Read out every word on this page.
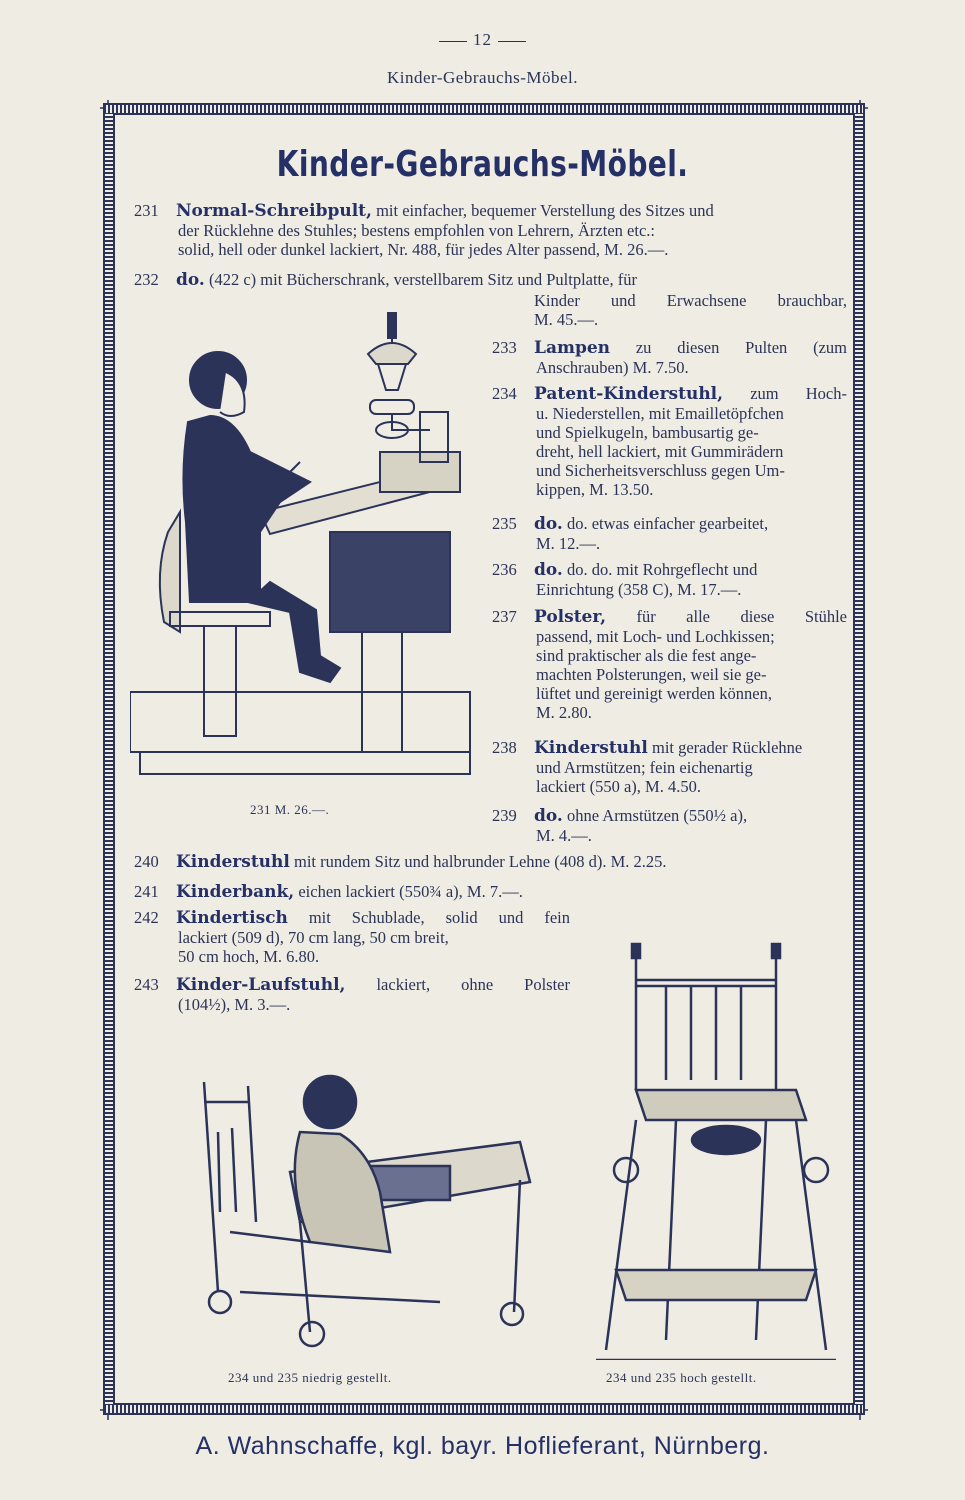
12
Kinder-Gebrauchs-Möbel.
Kinder-Gebrauchs-Möbel.
231 Normal-Schreibpult, mit einfacher, bequemer Verstellung des Sitzes und
der Rücklehne des Stuhles; bestens empfohlen von Lehrern, Ärzten etc.:
solid, hell oder dunkel lackiert, Nr. 488, für jedes Alter passend, M. 26.—.
232 do. (422 c) mit Bücherschrank, verstellbarem Sitz und Pultplatte, für
Kinder und Erwachsene brauchbar,
M. 45.—.
233 Lampen zu diesen Pulten (zum
Anschrauben) M. 7.50.
234 Patent-Kinderstuhl, zum Hoch-
u. Niederstellen, mit Emailletöpfchen
und Spielkugeln, bambusartig ge-
dreht, hell lackiert, mit Gummirädern
und Sicherheitsverschluss gegen Um-
kippen, M. 13.50.
235 do. do. etwas einfacher gearbeitet,
M. 12.—.
236 do. do. do. mit Rohrgeflecht und
Einrichtung (358 C), M. 17.—.
237 Polster, für alle diese Stühle
passend, mit Loch- und Lochkissen;
sind praktischer als die fest ange-
machten Polsterungen, weil sie ge-
lüftet und gereinigt werden können,
M. 2.80.
238 Kinderstuhl mit gerader Rücklehne
und Armstützen; fein eichenartig
lackiert (550 a), M. 4.50.
239 do. ohne Armstützen (550½ a),
M. 4.—.
231 M. 26.—.
240 Kinderstuhl mit rundem Sitz und halbrunder Lehne (408 d). M. 2.25.
241 Kinderbank, eichen lackiert (550¾ a), M. 7.—.
242 Kindertisch mit Schublade, solid und fein
lackiert (509 d), 70 cm lang, 50 cm breit,
50 cm hoch, M. 6.80.
243 Kinder-Laufstuhl, lackiert, ohne Polster
(104½), M. 3.—.
234 und 235 niedrig gestellt.	234 und 235 hoch gestellt.
A. Wahnschaffe, kgl. bayr. Hoflieferant, Nürnberg.
